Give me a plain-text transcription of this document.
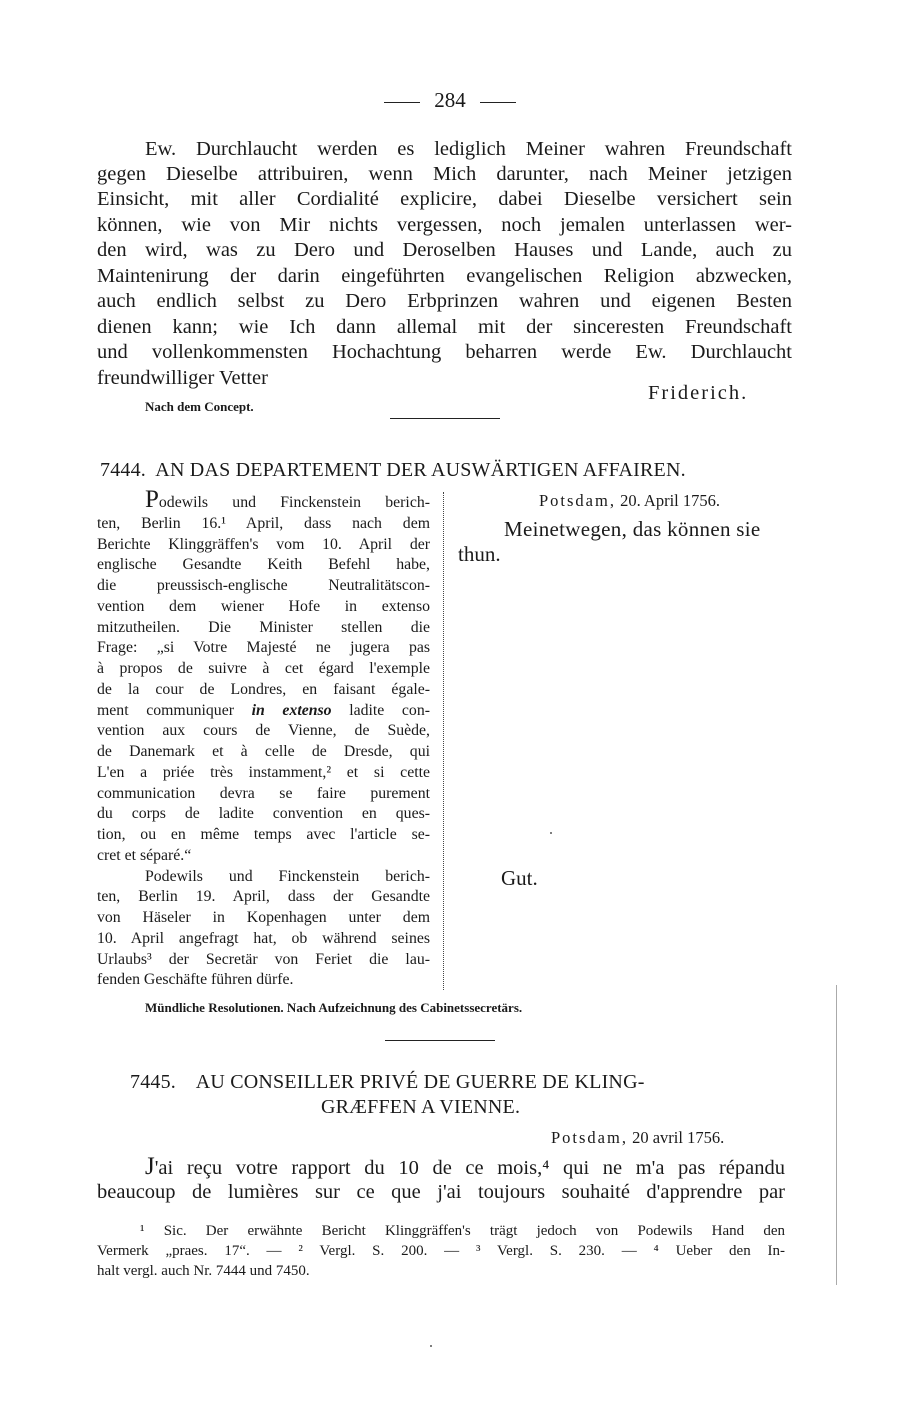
284
Ew. Durchlaucht werden es lediglich Meiner wahren Freundschaft
gegen Dieselbe attribuiren, wenn Mich darunter, nach Meiner jetzigen
Einsicht, mit aller Cordialité explicire, dabei Dieselbe versichert sein
können, wie von Mir nichts vergessen, noch jemalen unterlassen wer-
den wird, was zu Dero und Deroselben Hauses und Lande, auch zu
Maintenirung der darin eingeführten evangelischen Religion abzwecken,
auch endlich selbst zu Dero Erbprinzen wahren und eigenen Besten
dienen kann; wie Ich dann allemal mit der sinceresten Freundschaft
und vollenkommensten Hochachtung beharren werde Ew. Durchlaucht
freundwilliger Vetter
Friderich.
Nach dem Concept.
7444. AN DAS DEPARTEMENT DER AUSWÄRTIGEN AFFAIREN.
Podewils und Finckenstein berich-
ten, Berlin 16.¹ April, dass nach dem
Berichte Klinggräffen's vom 10. April der
englische Gesandte Keith Befehl habe,
die preussisch-englische Neutralitätscon-
vention dem wiener Hofe in extenso
mitzutheilen. Die Minister stellen die
Frage: „si Votre Majesté ne jugera pas
à propos de suivre à cet égard l'exemple
de la cour de Londres, en faisant égale-
ment communiquer in extenso ladite con-
vention aux cours de Vienne, de Suède,
de Danemark et à celle de Dresde, qui
L'en a priée très instamment,² et si cette
communication devra se faire purement
du corps de ladite convention en ques-
tion, ou en même temps avec l'article se-
cret et séparé.“
Podewils und Finckenstein berich-
ten, Berlin 19. April, dass der Gesandte
von Häseler in Kopenhagen unter dem
10. April angefragt hat, ob während seines
Urlaubs³ der Secretär von Feriet die lau-
fenden Geschäfte führen dürfe.
Potsdam, 20. April 1756.
Meinetwegen, das können sie
thun.
Gut.
Mündliche Resolutionen. Nach Aufzeichnung des Cabinetssecretärs.
7445. AU CONSEILLER PRIVÉ DE GUERRE DE KLING-
GRÆFFEN A VIENNE.
Potsdam, 20 avril 1756.
J'ai reçu votre rapport du 10 de ce mois,⁴ qui ne m'a pas répandu
beaucoup de lumières sur ce que j'ai toujours souhaité d'apprendre par
¹ Sic. Der erwähnte Bericht Klinggräffen's trägt jedoch von Podewils Hand den
Vermerk „praes. 17“. — ² Vergl. S. 200. — ³ Vergl. S. 230. — ⁴ Ueber den In-
halt vergl. auch Nr. 7444 und 7450.
